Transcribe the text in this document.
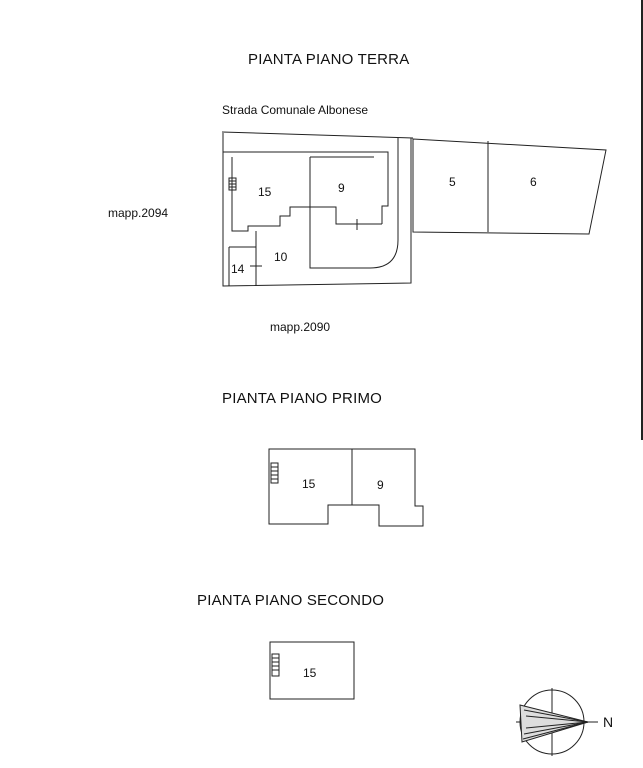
PIANTA PIANO TERRA
Strada Comunale Albonese
mapp.2094
mapp.2090
PIANTA PIANO PRIMO
PIANTA PIANO SECONDO
15	9	5	6
10
14
15	9
15
N
